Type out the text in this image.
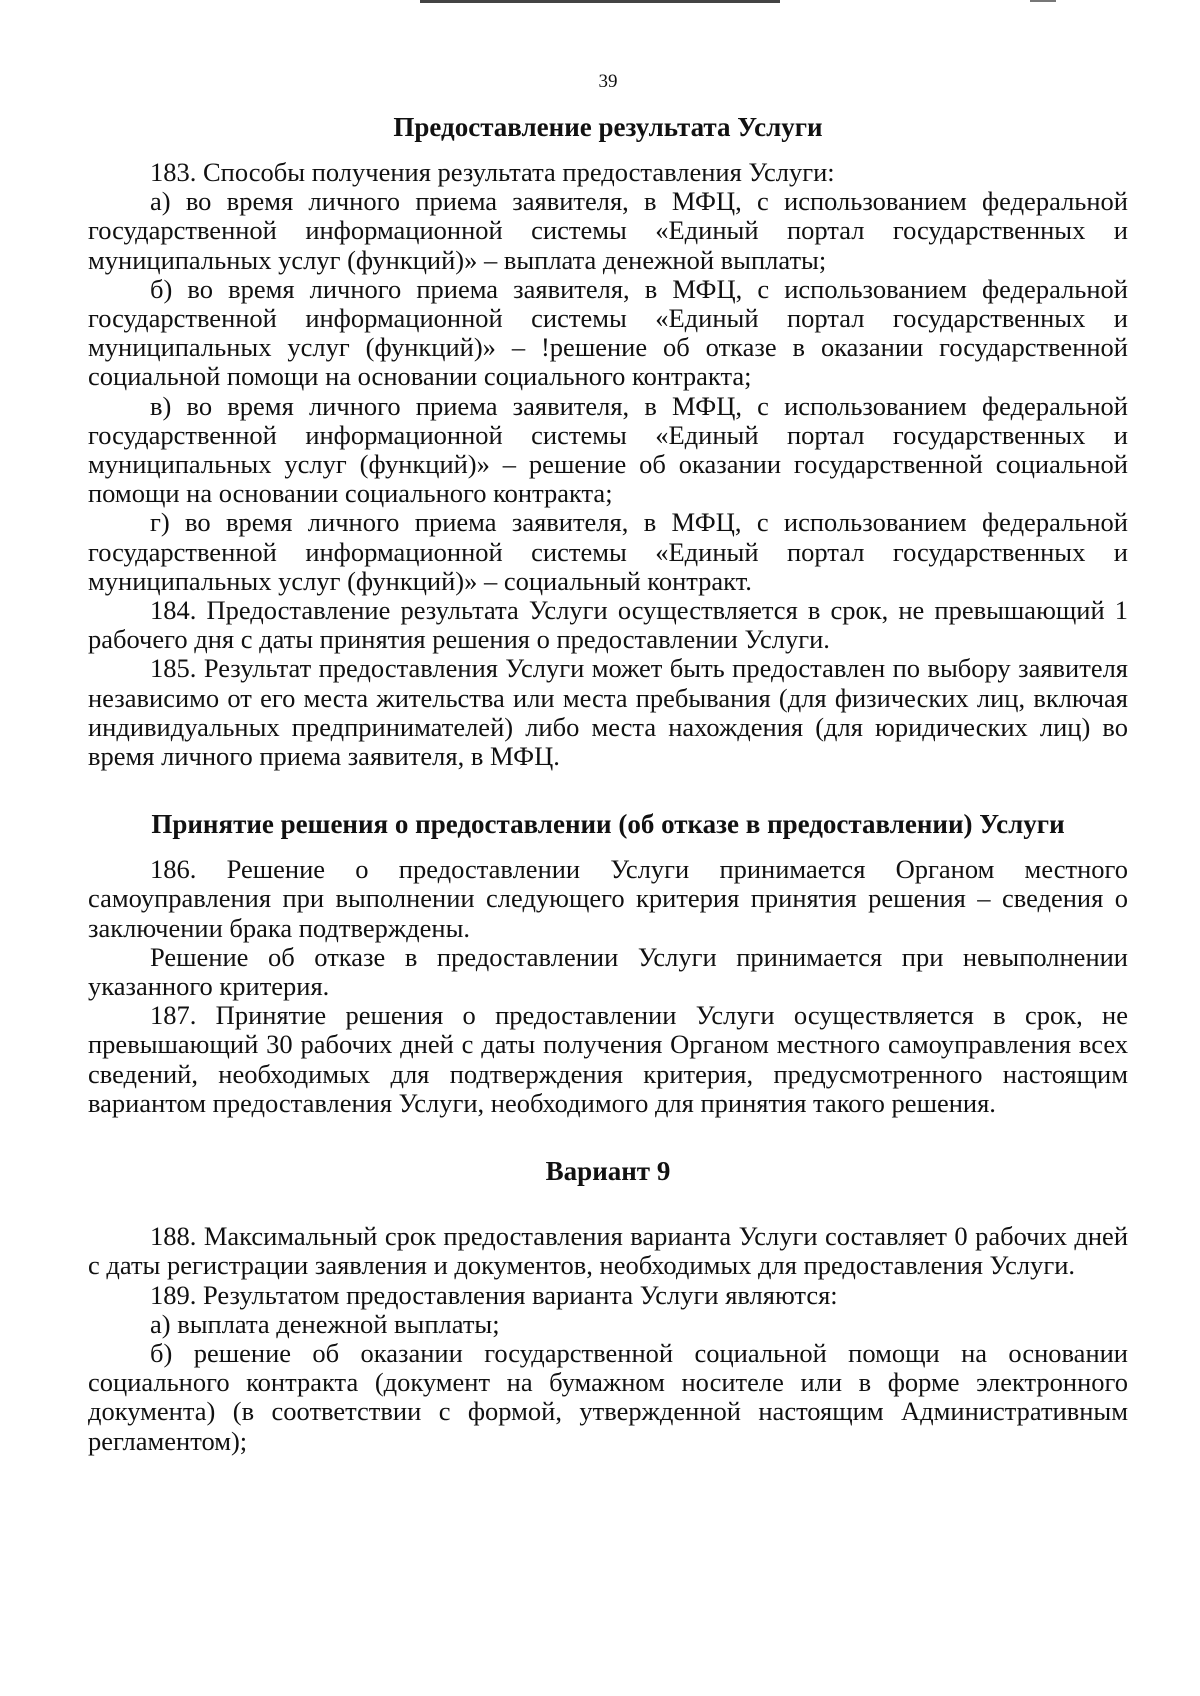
39
Предоставление результата Услуги

183. Способы получения результата предоставления Услуги:

а) во время личного приема заявителя, в МФЦ, с использованием федеральной государственной информационной системы «Единый портал государственных и муниципальных услуг (функций)» – выплата денежной выплаты;

б) во время личного приема заявителя, в МФЦ, с использованием федеральной государственной информационной системы «Единый портал государственных и муниципальных услуг (функций)» – !решение об отказе в оказании государственной социальной помощи на основании социального контракта;

в) во время личного приема заявителя, в МФЦ, с использованием федеральной государственной информационной системы «Единый портал государственных и муниципальных услуг (функций)» – решение об оказании государственной социальной помощи на основании социального контракта;

г) во время личного приема заявителя, в МФЦ, с использованием федеральной государственной информационной системы «Единый портал государственных и муниципальных услуг (функций)» – социальный контракт.

184. Предоставление результата Услуги осуществляется в срок, не превышающий 1 рабочего дня с даты принятия решения о предоставлении Услуги.

185. Результат предоставления Услуги может быть предоставлен по выбору заявителя независимо от его места жительства или места пребывания (для физических лиц, включая индивидуальных предпринимателей) либо места нахождения (для юридических лиц) во время личного приема заявителя, в МФЦ.

Принятие решения о предоставлении (об отказе в предоставлении) Услуги

186. Решение о предоставлении Услуги принимается Органом местного самоуправления при выполнении следующего критерия принятия решения – сведения о заключении брака подтверждены.

Решение об отказе в предоставлении Услуги принимается при невыполнении указанного критерия.

187. Принятие решения о предоставлении Услуги осуществляется в срок, не превышающий 30 рабочих дней с даты получения Органом местного самоуправления всех сведений, необходимых для подтверждения критерия, предусмотренного настоящим вариантом предоставления Услуги, необходимого для принятия такого решения.

Вариант 9

188. Максимальный срок предоставления варианта Услуги составляет 0 рабочих дней с даты регистрации заявления и документов, необходимых для предоставления Услуги.

189. Результатом предоставления варианта Услуги являются:

а) выплата денежной выплаты;

б) решение об оказании государственной социальной помощи на основании социального контракта (документ на бумажном носителе или в форме электронного документа) (в соответствии с формой, утвержденной настоящим Административным регламентом);
